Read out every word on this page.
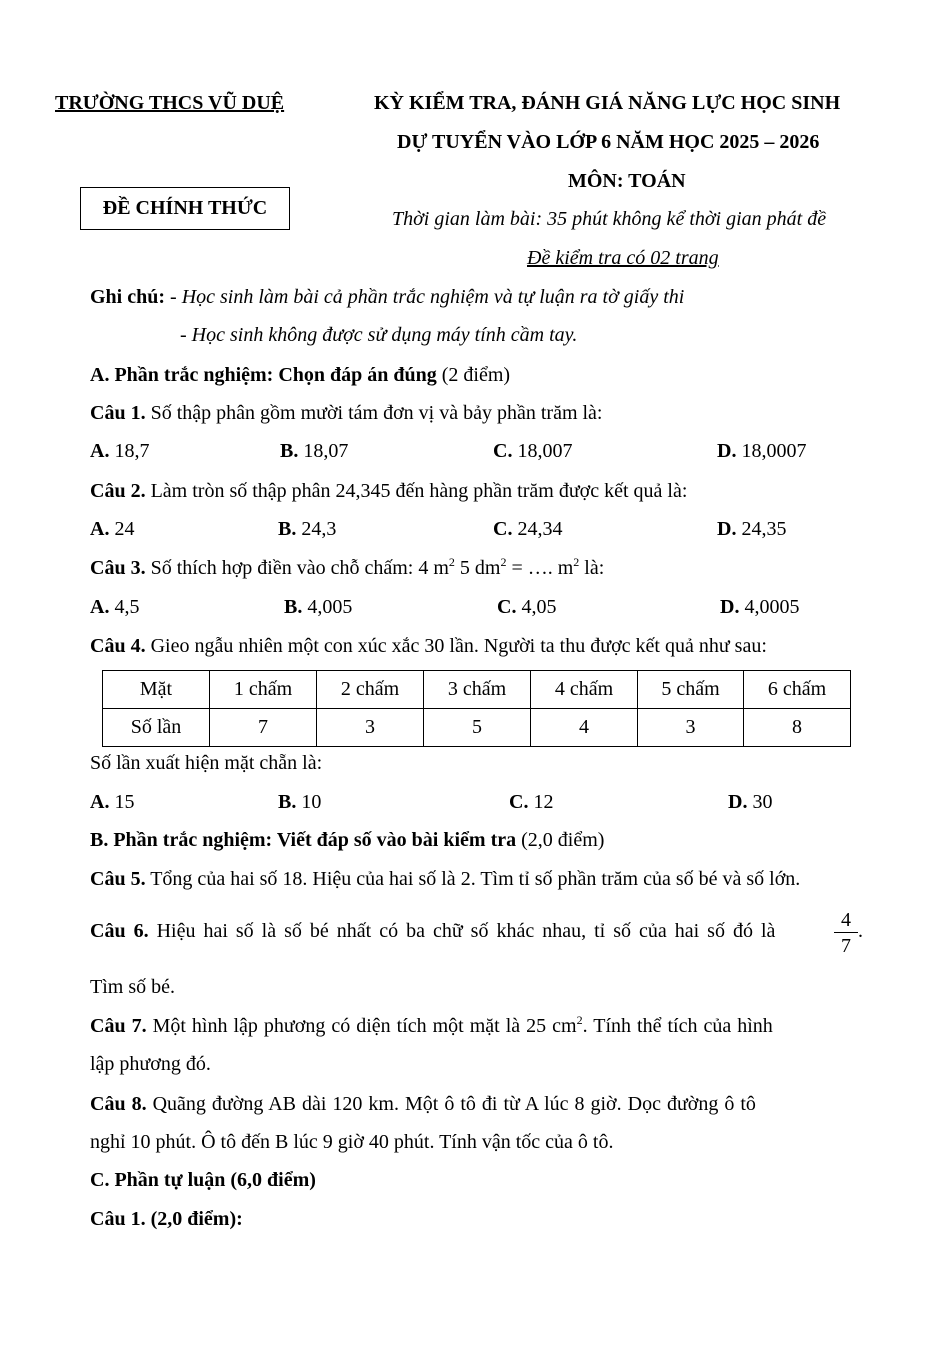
TRƯỜNG THCS VŨ DUỆ	KỲ KIỂM TRA, ĐÁNH GIÁ NĂNG LỰC HỌC SINH
DỰ TUYỂN VÀO LỚP 6 NĂM HỌC 2025 – 2026
MÔN: TOÁN
ĐỀ CHÍNH THỨC	Thời gian làm bài: 35 phút không kể thời gian phát đề
Đề kiểm tra có 02 trang
Ghi chú: - Học sinh làm bài cả phần trắc nghiệm và tự luận ra tờ giấy thi
- Học sinh không được sử dụng máy tính cầm tay.
A. Phần trắc nghiệm: Chọn đáp án đúng (2 điểm)
Câu 1. Số thập phân gồm mười tám đơn vị và bảy phần trăm là:
A. 18,7	B. 18,07	C. 18,007	D. 18,0007
Câu 2. Làm tròn số thập phân 24,345 đến hàng phần trăm được kết quả là:
A. 24	B. 24,3	C. 24,34	D. 24,35
Câu 3. Số thích hợp điền vào chỗ chấm: 4 $m^2$ 5 $dm^2$ = …. $m^2$ là:
A. 4,5	B. 4,005	C. 4,05	D. 4,0005
Câu 4. Gieo ngẫu nhiên một con xúc xắc 30 lần. Người ta thu được kết quả như sau:
Mặt	1 chấm	2 chấm	3 chấm	4 chấm	5 chấm	6 chấm
Số lần	7	3	5	4	3	8
Số lần xuất hiện mặt chẵn là:
A. 15	B. 10	C. 12	D. 30
B. Phần trắc nghiệm: Viết đáp số vào bài kiểm tra (2,0 điểm)
Câu 5. Tổng của hai số 18. Hiệu của hai số là 2. Tìm tỉ số phần trăm của số bé và số lớn.
Câu 6. Hiệu hai số là số bé nhất có ba chữ số khác nhau, tỉ số của hai số đó là	$\frac{4}{7}$ .
Tìm số bé.
Câu 7. Một hình lập phương có diện tích một mặt là 25 $cm^2$. Tính thể tích của hình
lập phương đó.
Câu 8. Quãng đường AB dài 120 km. Một ô tô đi từ A lúc 8 giờ. Dọc đường ô tô
nghỉ 10 phút. Ô tô đến B lúc 9 giờ 40 phút. Tính vận tốc của ô tô.
C. Phần tự luận (6,0 điểm)
Câu 1. (2,0 điểm):
